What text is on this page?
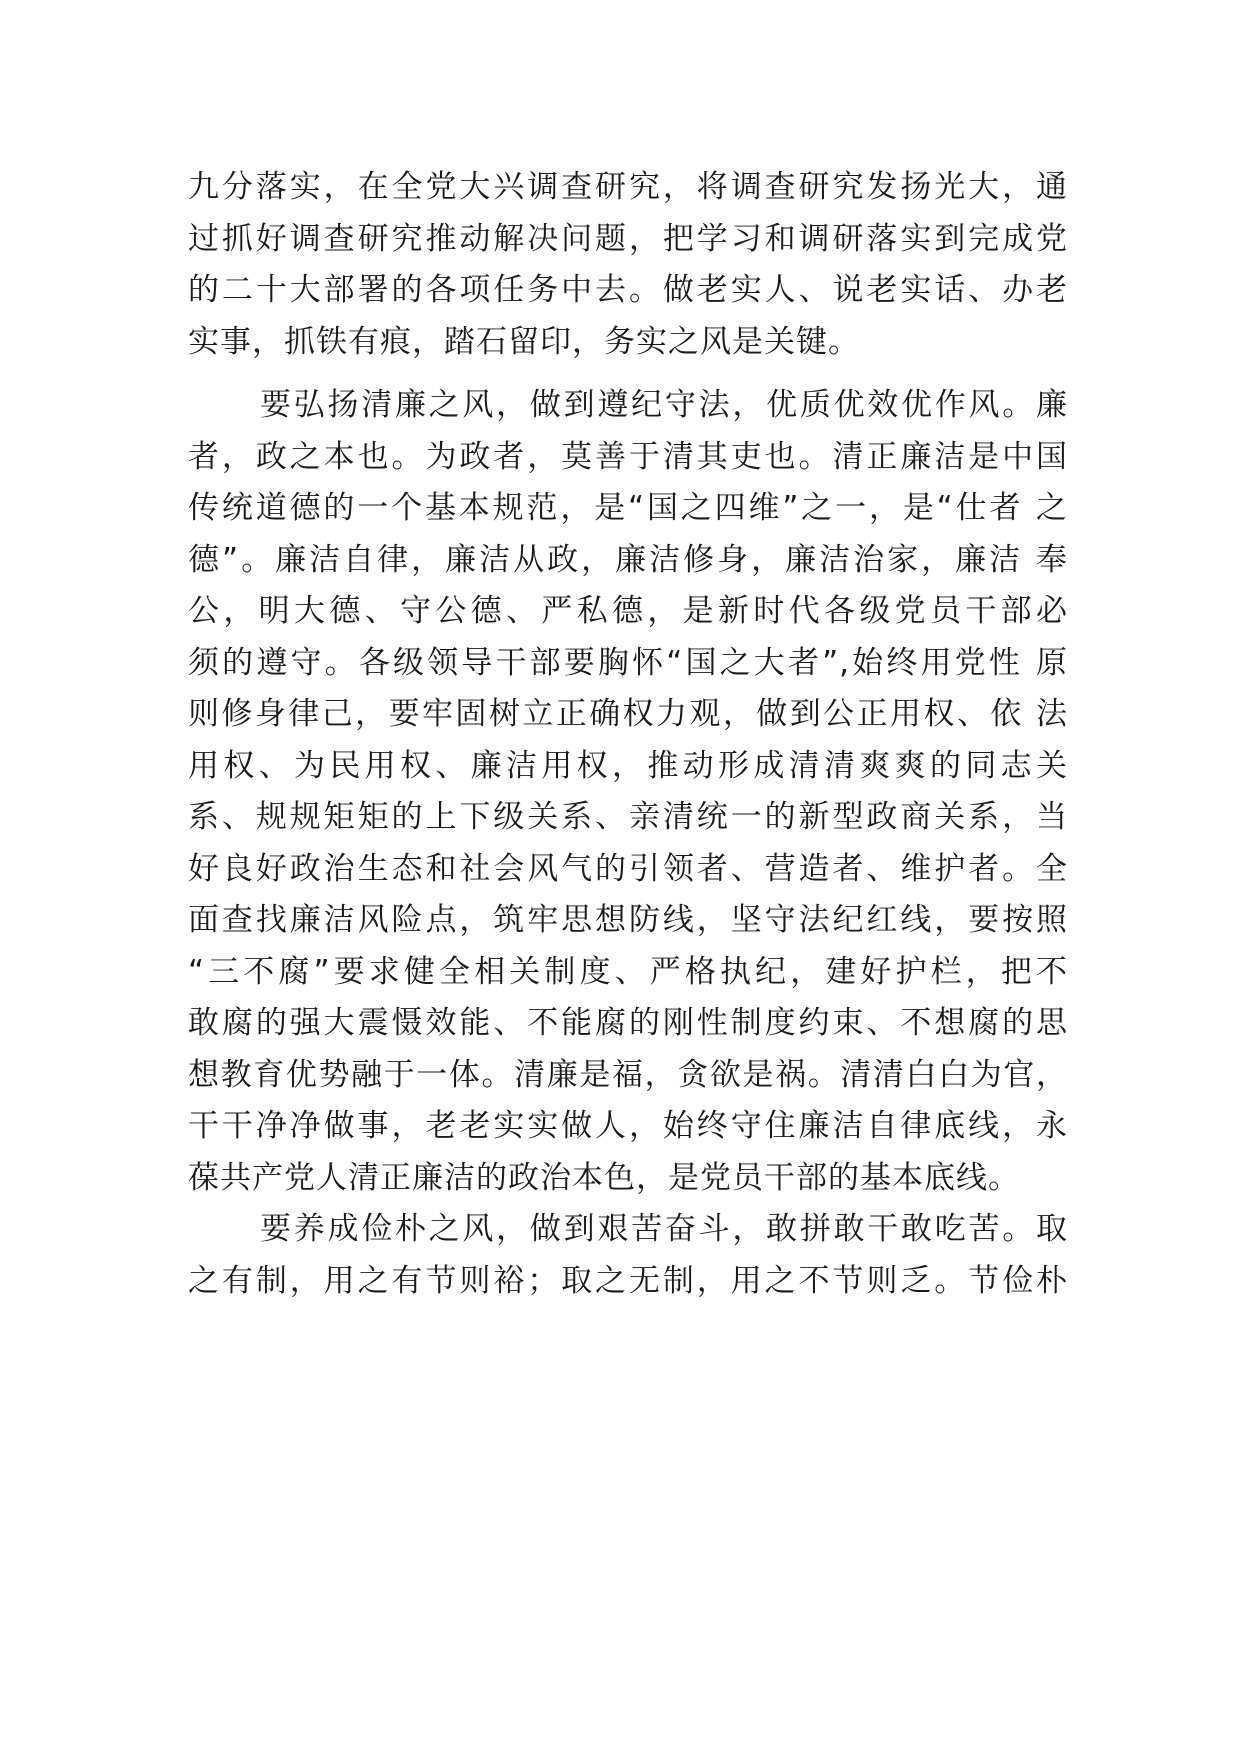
九分落实，在全党大兴调查研究，将调查研究发扬光大，通
过抓好调查研究推动解决问题，把学习和调研落实到完成党
的二十大部署的各项任务中去。做老实人、说老实话、办老
实事，抓铁有痕，踏石留印，务实之风是关键。
要弘扬清廉之风，做到遵纪守法，优质优效优作风。廉
者，政之本也。为政者，莫善于清其吏也。清正廉洁是中国
传统道德的一个基本规范，是“国之四维”之一，是“仕者 之
德”。廉洁自律，廉洁从政，廉洁修身，廉洁治家，廉洁 奉
公，明大德、守公德、严私德，是新时代各级党员干部必
须的遵守。各级领导干部要胸怀“国之大者”,始终用党性 原
则修身律己，要牢固树立正确权力观，做到公正用权、依 法
用权、为民用权、廉洁用权，推动形成清清爽爽的同志关
系、规规矩矩的上下级关系、亲清统一的新型政商关系，当
好良好政治生态和社会风气的引领者、营造者、维护者。全
面查找廉洁风险点，筑牢思想防线，坚守法纪红线，要按照
“三不腐”要求健全相关制度、严格执纪，建好护栏，把不
敢腐的强大震慑效能、不能腐的刚性制度约束、不想腐的思
想教育优势融于一体。清廉是福，贪欲是祸。清清白白为官，
干干净净做事，老老实实做人，始终守住廉洁自律底线，永
葆共产党人清正廉洁的政治本色，是党员干部的基本底线。
要养成俭朴之风，做到艰苦奋斗，敢拼敢干敢吃苦。取
之有制，用之有节则裕；取之无制，用之不节则乏。节俭朴
